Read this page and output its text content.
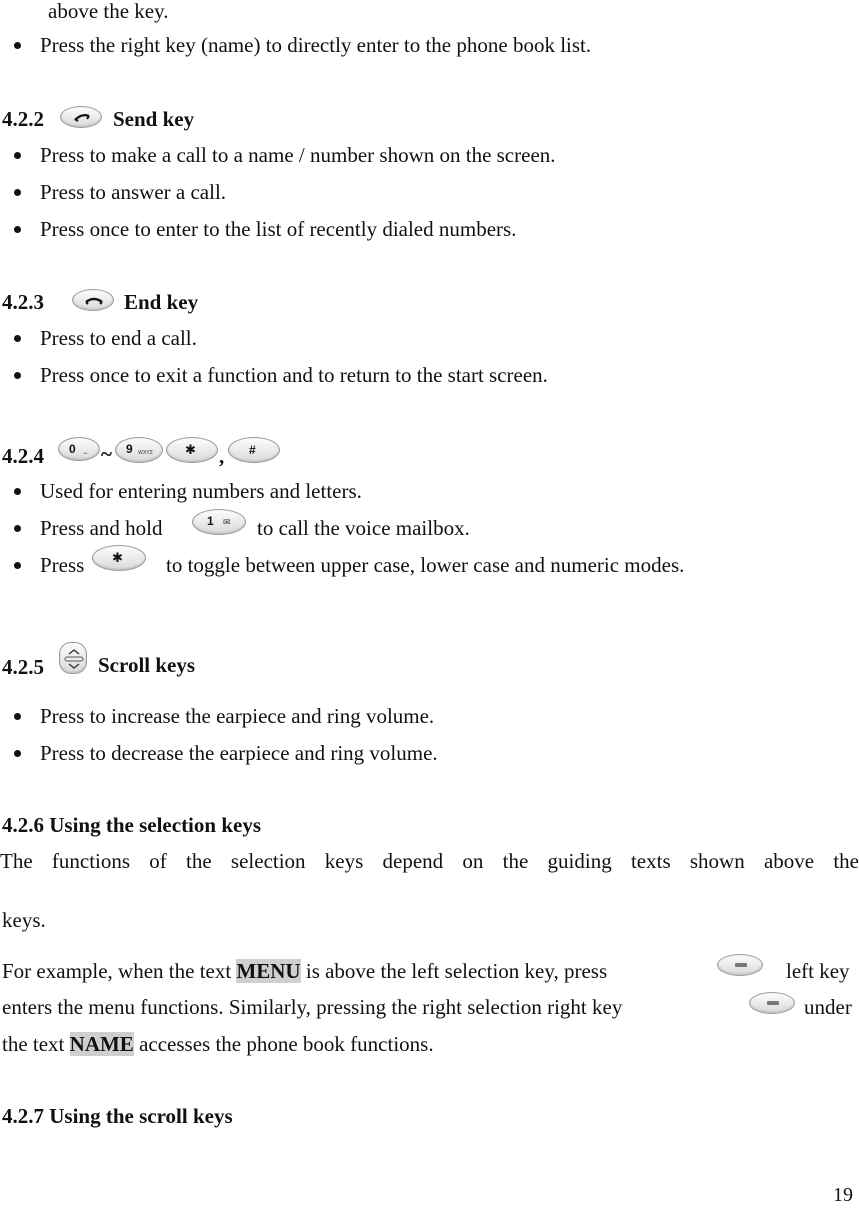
above the key.
Press the right key (name) to directly enter to the phone book list.
4.2.2	Send key
Press to make a call to a name / number shown on the screen.
Press to answer a call.
Press once to enter to the list of recently dialed numbers.
4.2.3	End key
Press to end a call.
Press once to exit a function and to return to the start screen.
4.2.4 0 ␣ ~ 9 WXYZ ✱ , #
Used for entering numbers and letters.
Press and hold	1 ✉ to call the voice mailbox.
Press ✱ to toggle between upper case, lower case and numeric modes.
4.2.5	Scroll keys
Press to increase the earpiece and ring volume.
Press to decrease the earpiece and ring volume.
4.2.6 Using the selection keys
The functions of the selection keys depend on the guiding texts shown above the
keys.
For example, when the text MENU is above the left selection key, press	left key
enters the menu functions. Similarly, pressing the right selection right key	under
the text NAME accesses the phone book functions.
4.2.7 Using the scroll keys
19
